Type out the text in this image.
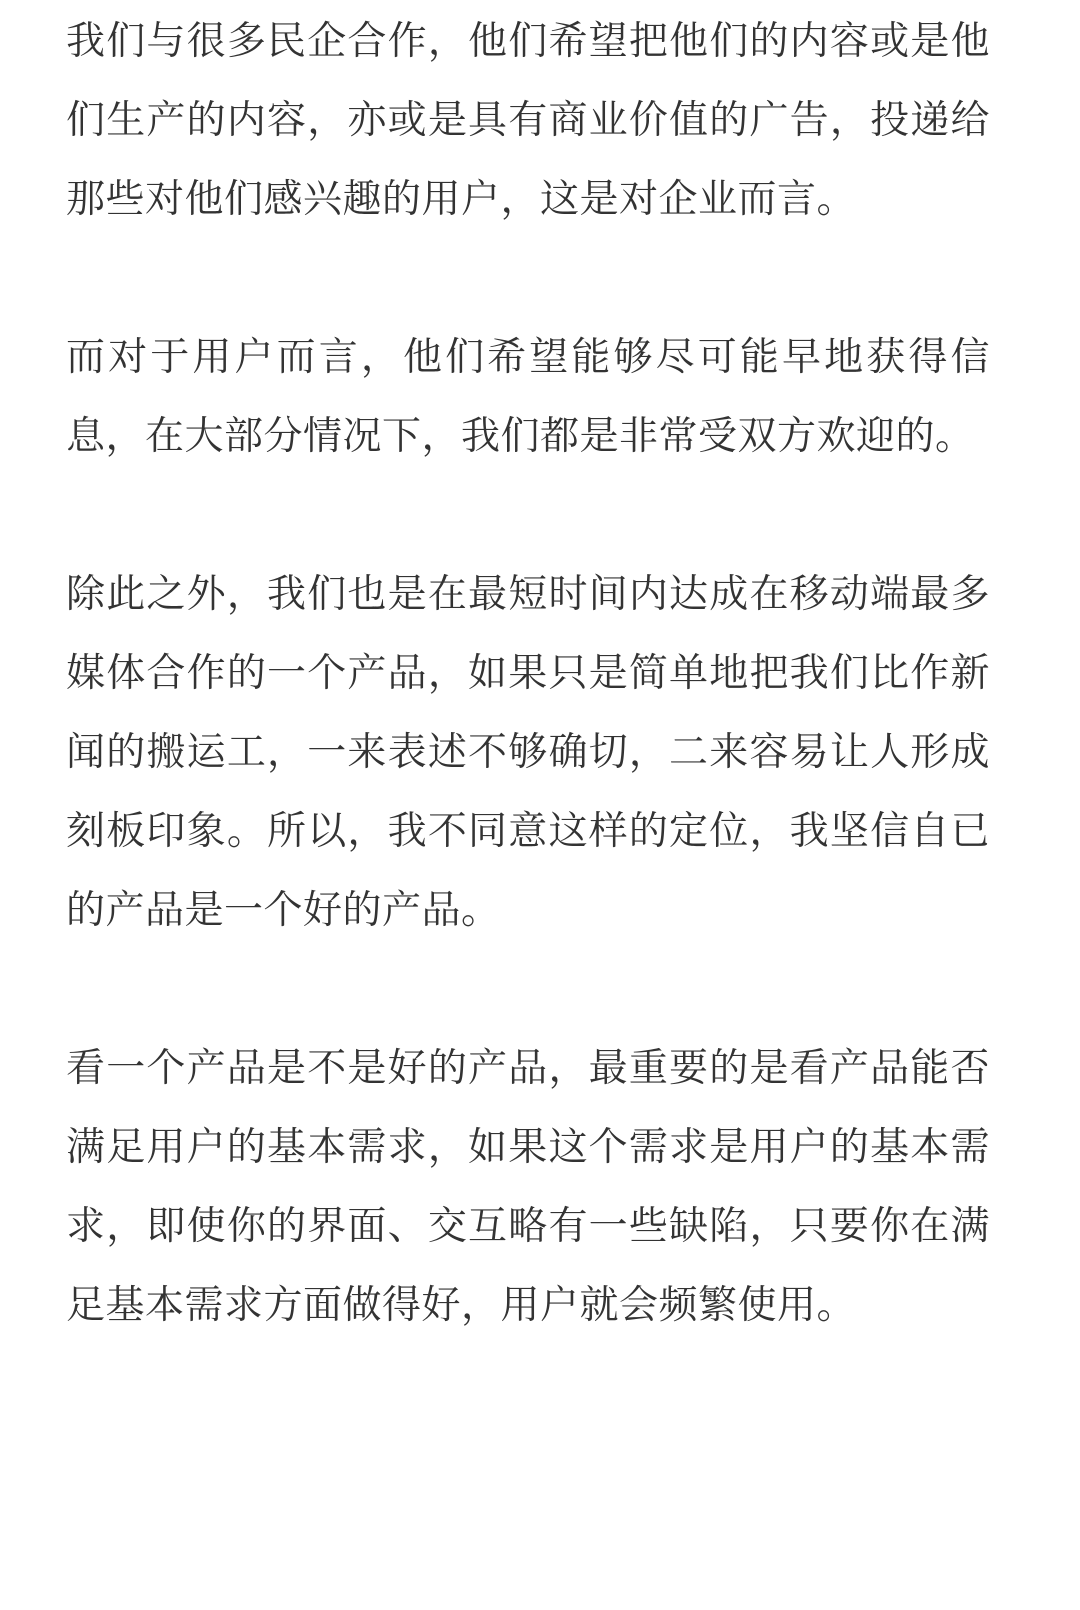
我们与很多民企合作，他们希望把他们的内容或是他们生产的内容，亦或是具有商业价值的广告，投递给那些对他们感兴趣的用户，这是对企业而言。

而对于用户而言，他们希望能够尽可能早地获得信息，在大部分情况下，我们都是非常受双方欢迎的。

除此之外，我们也是在最短时间内达成在移动端最多媒体合作的一个产品，如果只是简单地把我们比作新闻的搬运工，一来表述不够确切，二来容易让人形成刻板印象。所以，我不同意这样的定位，我坚信自已的产品是一个好的产品。

看一个产品是不是好的产品，最重要的是看产品能否满足用户的基本需求，如果这个需求是用户的基本需求，即使你的界面、交互略有一些缺陷，只要你在满足基本需求方面做得好，用户就会频繁使用。
